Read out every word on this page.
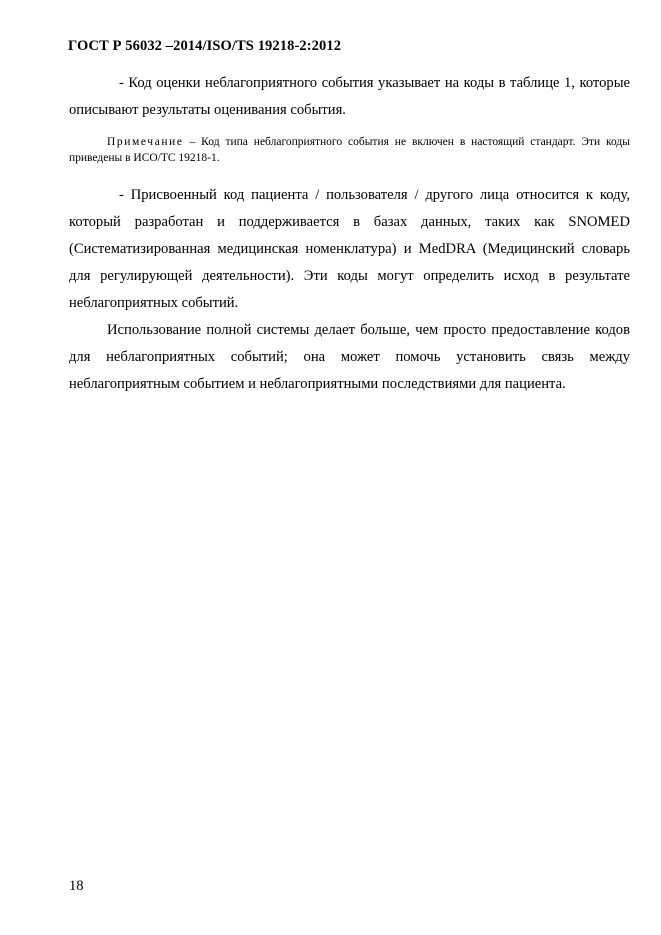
ГОСТ Р 56032 –2014/ISO/TS 19218-2:2012

- Код оценки неблагоприятного события указывает на коды в таблице 1, которые описывают результаты оценивания события.

Примечание – Код типа неблагоприятного события не включен в настоящий стандарт. Эти коды приведены в ИСО/ТС 19218-1.

- Присвоенный код пациента / пользователя / другого лица относится к коду, который разработан и поддерживается в базах данных, таких как SNOMED (Систематизированная медицинская номенклатура) и MedDRA (Медицинский словарь для регулирующей деятельности). Эти коды могут определить исход в результате неблагоприятных событий.

Использование полной системы делает больше, чем просто предоставление кодов для неблагоприятных событий; она может помочь установить связь между неблагоприятным событием и неблагоприятными последствиями для пациента.

18
